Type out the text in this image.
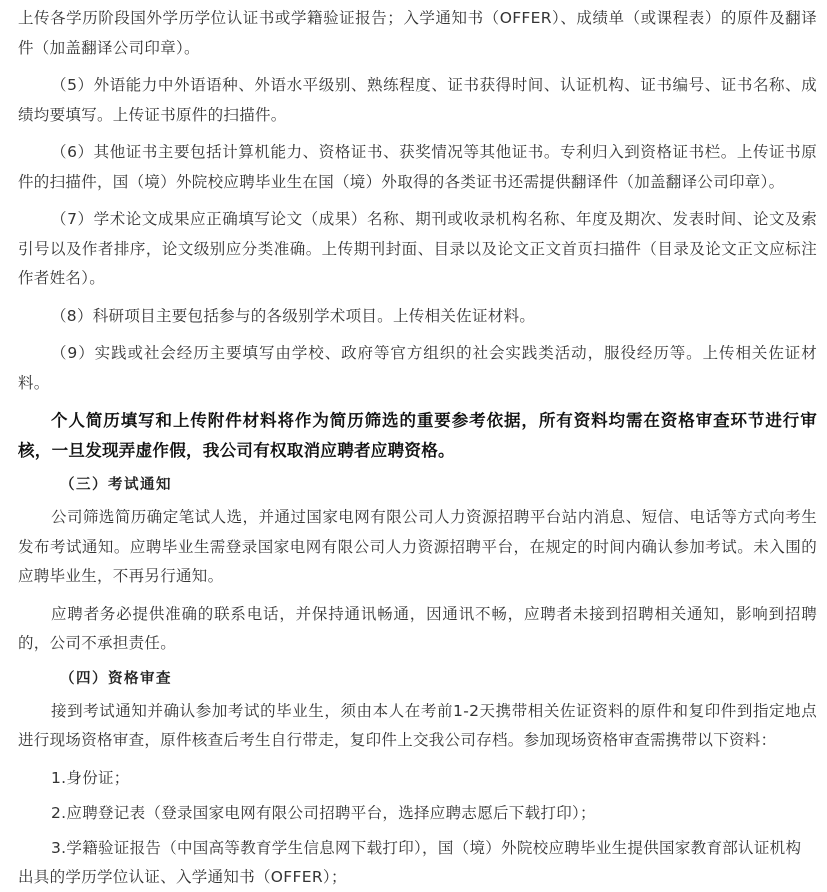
上传各学历阶段国外学历学位认证书或学籍验证报告；入学通知书（OFFER）、成绩单（或课程表）的原件及翻译件（加盖翻译公司印章）。

（5）外语能力中外语语种、外语水平级别、熟练程度、证书获得时间、认证机构、证书编号、证书名称、成绩均要填写。上传证书原件的扫描件。

（6）其他证书主要包括计算机能力、资格证书、获奖情况等其他证书。专利归入到资格证书栏。上传证书原件的扫描件，国（境）外院校应聘毕业生在国（境）外取得的各类证书还需提供翻译件（加盖翻译公司印章）。

（7）学术论文成果应正确填写论文（成果）名称、期刊或收录机构名称、年度及期次、发表时间、论文及索引号以及作者排序，论文级别应分类准确。上传期刊封面、目录以及论文正文首页扫描件（目录及论文正文应标注作者姓名）。

（8）科研项目主要包括参与的各级别学术项目。上传相关佐证材料。

（9）实践或社会经历主要填写由学校、政府等官方组织的社会实践类活动，服役经历等。上传相关佐证材料。

个人简历填写和上传附件材料将作为简历筛选的重要参考依据，所有资料均需在资格审查环节进行审核，一旦发现弄虚作假，我公司有权取消应聘者应聘资格。

（三）考试通知

公司筛选简历确定笔试人选，并通过国家电网有限公司人力资源招聘平台站内消息、短信、电话等方式向考生发布考试通知。应聘毕业生需登录国家电网有限公司人力资源招聘平台，在规定的时间内确认参加考试。未入围的应聘毕业生，不再另行通知。

应聘者务必提供准确的联系电话，并保持通讯畅通，因通讯不畅，应聘者未接到招聘相关通知，影响到招聘的，公司不承担责任。

（四）资格审查

接到考试通知并确认参加考试的毕业生，须由本人在考前1-2天携带相关佐证资料的原件和复印件到指定地点进行现场资格审查，原件核查后考生自行带走，复印件上交我公司存档。参加现场资格审查需携带以下资料：

1.身份证；

2.应聘登记表（登录国家电网有限公司招聘平台，选择应聘志愿后下载打印）；

3.学籍验证报告（中国高等教育学生信息网下载打印），国（境）外院校应聘毕业生提供国家教育部认证机构出具的学历学位认证、入学通知书（OFFER）；
